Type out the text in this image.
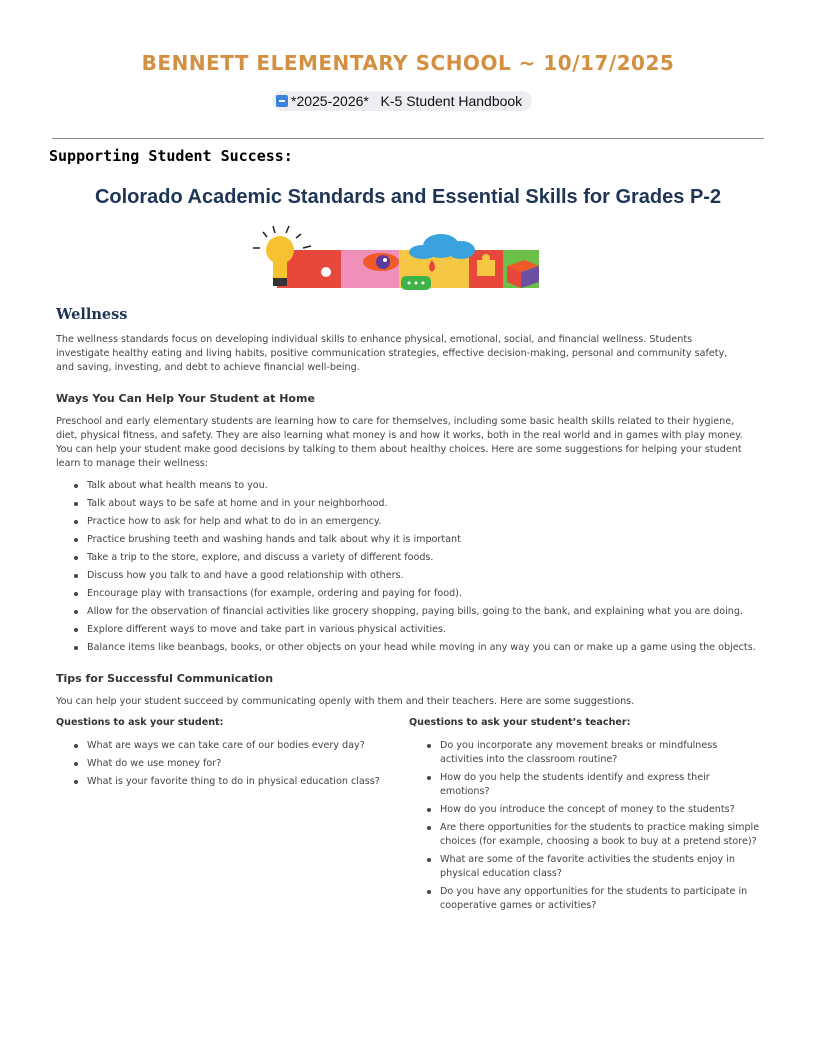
BENNETT ELEMENTARY SCHOOL ~ 10/17/2025
*2025-2026*   K-5 Student Handbook
Supporting Student Success:
Colorado Academic Standards and Essential Skills for Grades P-2
Wellness
The wellness standards focus on developing individual skills to enhance physical, emotional, social, and financial wellness. Students investigate healthy eating and living habits, positive communication strategies, effective decision-making, personal and community safety, and saving, investing, and debt to achieve financial well-being.
Ways You Can Help Your Student at Home
Preschool and early elementary students are learning how to care for themselves, including some basic health skills related to their hygiene, diet, physical fitness, and safety. They are also learning what money is and how it works, both in the real world and in games with play money. You can help your student make good decisions by talking to them about healthy choices. Here are some suggestions for helping your student learn to manage their wellness:
Talk about what health means to you.
Talk about ways to be safe at home and in your neighborhood.
Practice how to ask for help and what to do in an emergency.
Practice brushing teeth and washing hands and talk about why it is important
Take a trip to the store, explore, and discuss a variety of different foods.
Discuss how you talk to and have a good relationship with others.
Encourage play with transactions (for example, ordering and paying for food).
Allow for the observation of financial activities like grocery shopping, paying bills, going to the bank, and explaining what you are doing.
Explore different ways to move and take part in various physical activities.
Balance items like beanbags, books, or other objects on your head while moving in any way you can or make up a game using the objects.
Tips for Successful Communication
You can help your student succeed by communicating openly with them and their teachers. Here are some suggestions.
Questions to ask your student:
What are ways we can take care of our bodies every day?
What do we use money for?
What is your favorite thing to do in physical education class?
Questions to ask your student’s teacher:
Do you incorporate any movement breaks or mindfulness activities into the classroom routine?
How do you help the students identify and express their emotions?
How do you introduce the concept of money to the students?
Are there opportunities for the students to practice making simple choices (for example, choosing a book to buy at a pretend store)?
What are some of the favorite activities the students enjoy in physical education class?
Do you have any opportunities for the students to participate in cooperative games or activities?
